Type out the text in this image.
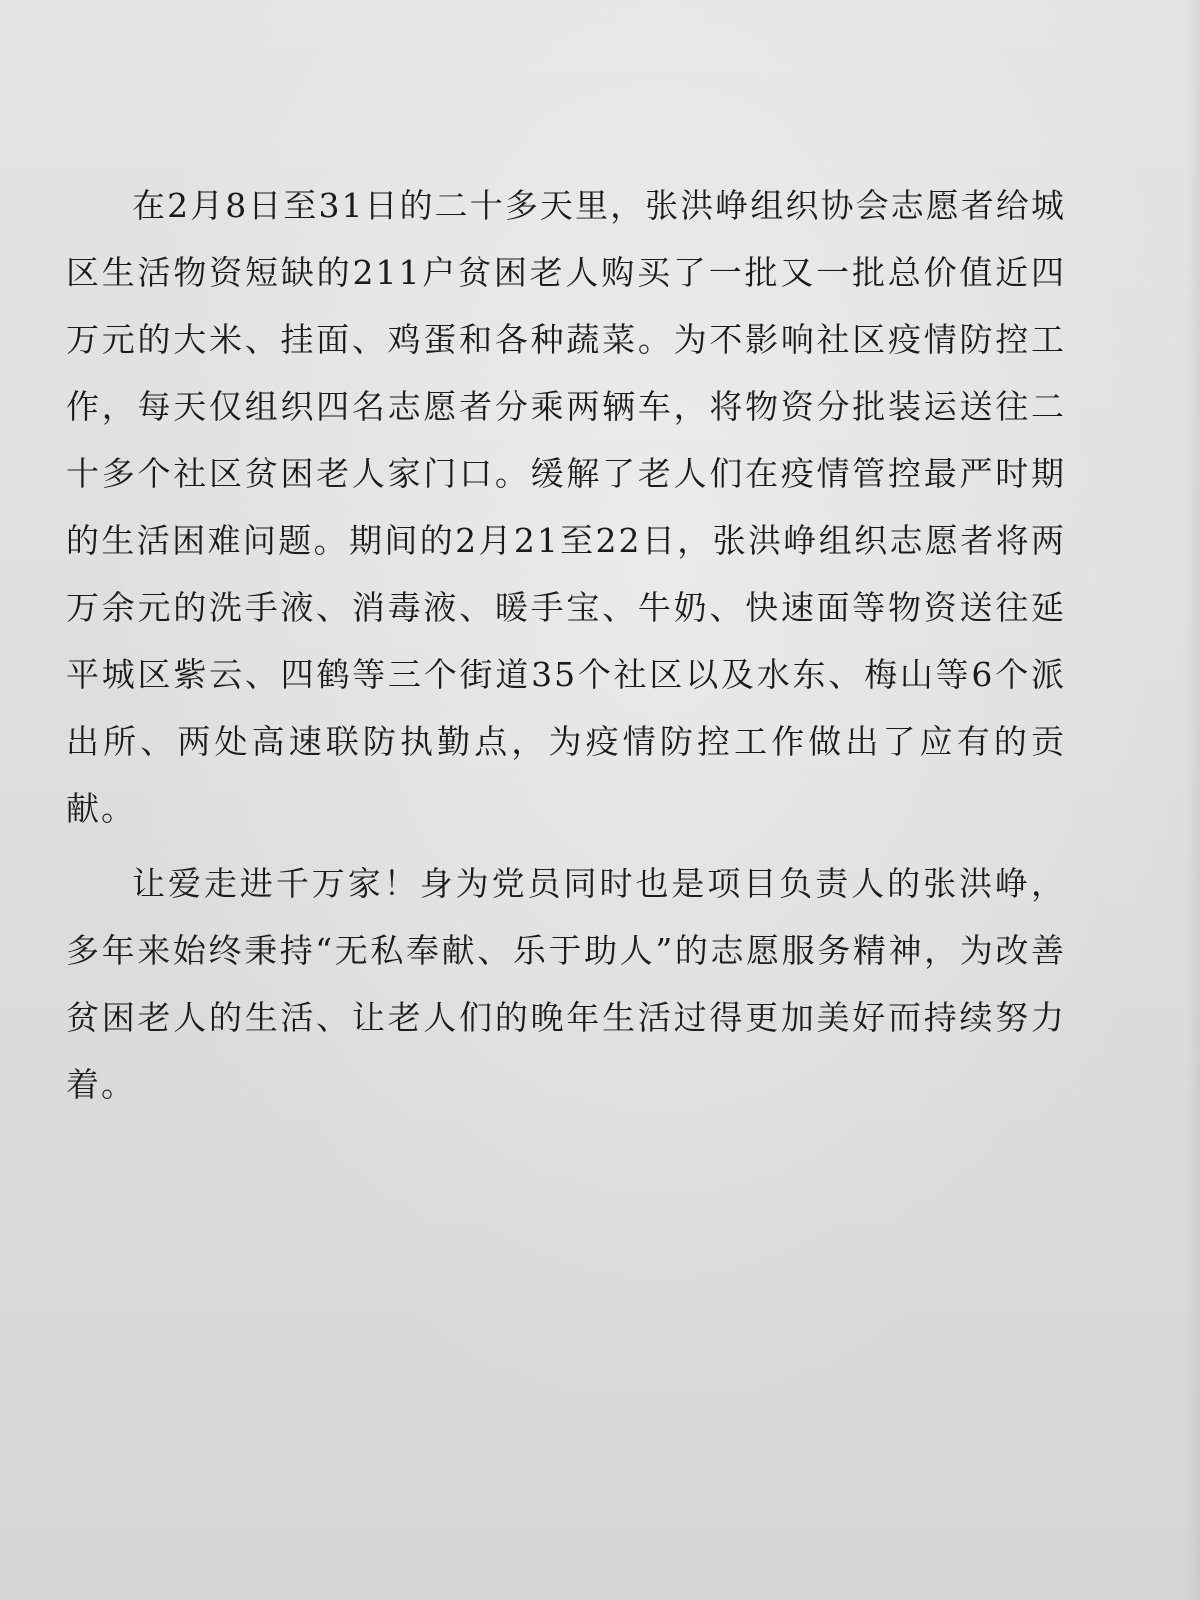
在2月8日至31日的二十多天里，张洪峥组织协会志愿者给城区生活物资短缺的211户贫困老人购买了一批又一批总价值近四万元的大米、挂面、鸡蛋和各种蔬菜。为不影响社区疫情防控工作，每天仅组织四名志愿者分乘两辆车，将物资分批装运送往二十多个社区贫困老人家门口。缓解了老人们在疫情管控最严时期的生活困难问题。期间的2月21至22日，张洪峥组织志愿者将两万余元的洗手液、消毒液、暖手宝、牛奶、快速面等物资送往延平城区紫云、四鹤等三个街道35个社区以及水东、梅山等6个派出所、两处高速联防执勤点，为疫情防控工作做出了应有的贡献。

让爱走进千万家！身为党员同时也是项目负责人的张洪峥，多年来始终秉持“无私奉献、乐于助人”的志愿服务精神，为改善贫困老人的生活、让老人们的晚年生活过得更加美好而持续努力着。
